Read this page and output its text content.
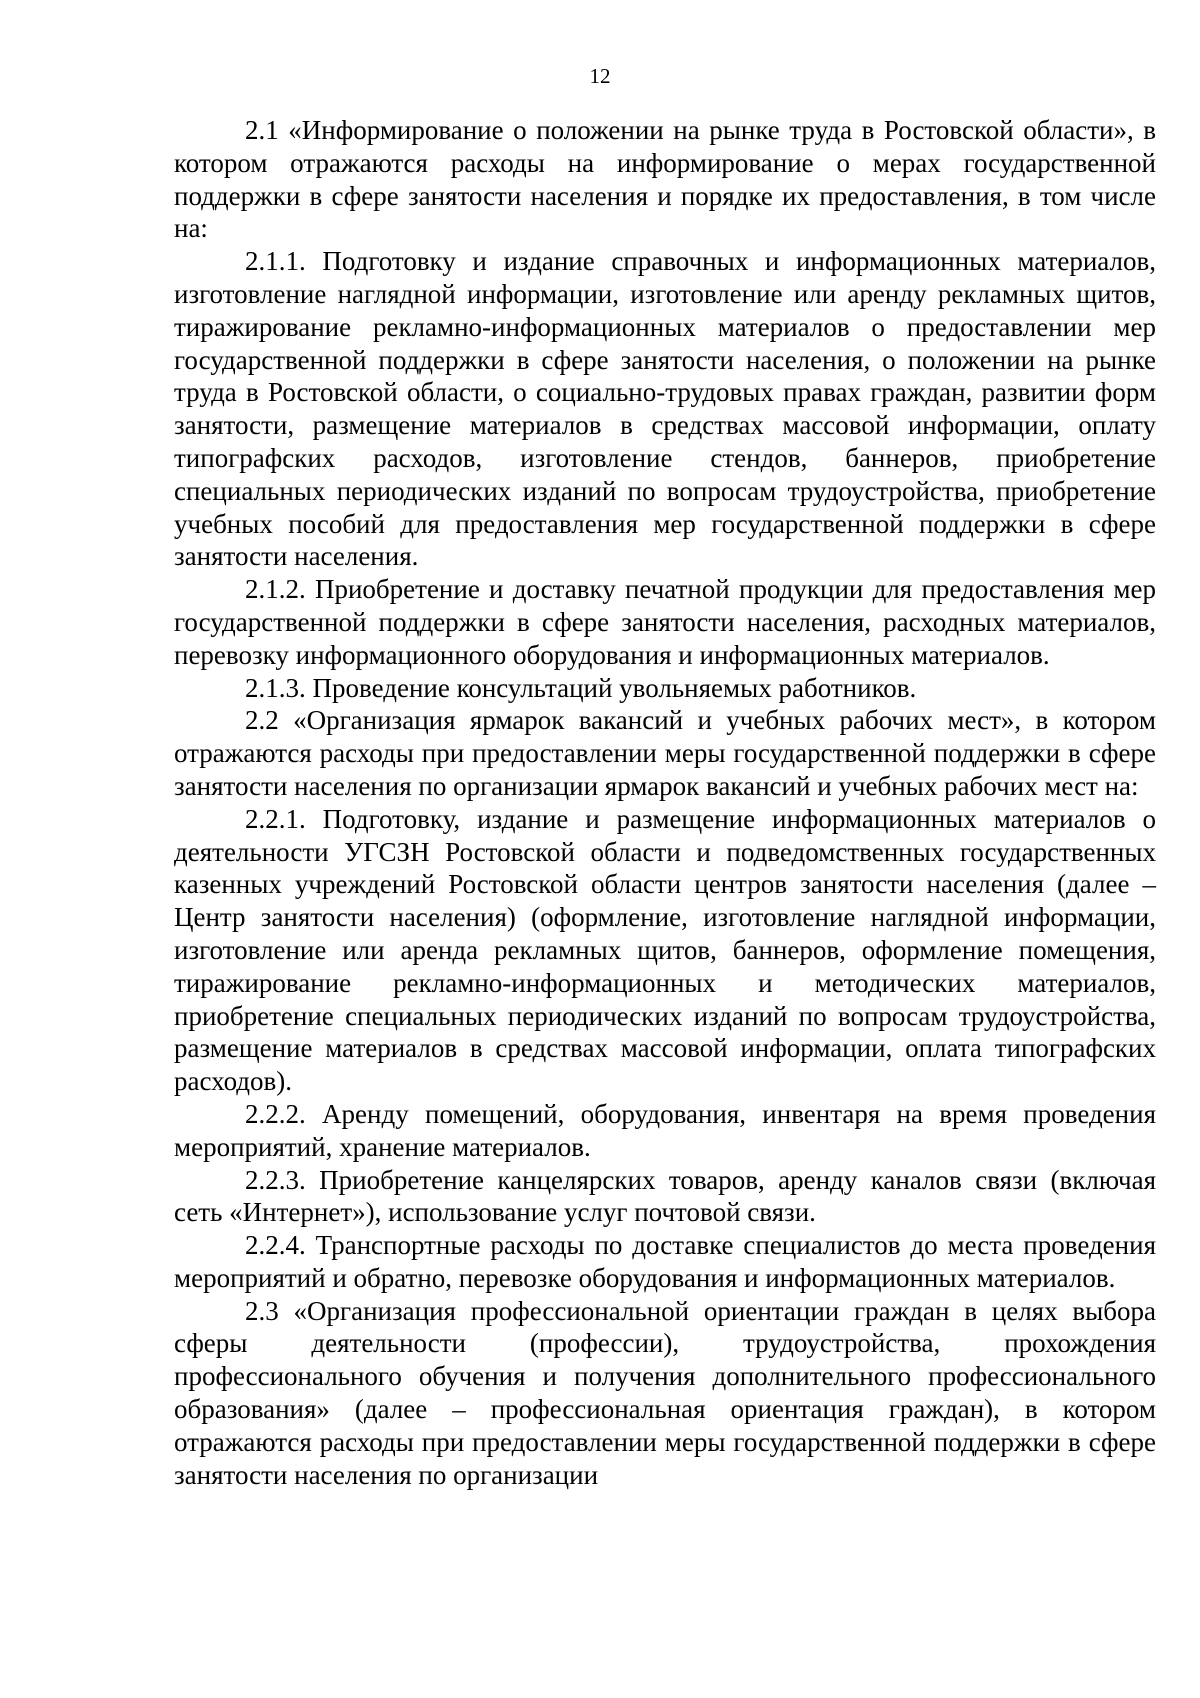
12

2.1 «Информирование о положении на рынке труда в Ростовской области», в котором отражаются расходы на информирование о мерах государственной поддержки в сфере занятости населения и порядке их предоставления, в том числе на:

2.1.1. Подготовку и издание справочных и информационных материалов, изготовление наглядной информации, изготовление или аренду рекламных щитов, тиражирование рекламно-информационных материалов о предоставлении мер государственной поддержки в сфере занятости населения, о положении на рынке труда в Ростовской области, о социально-трудовых правах граждан, развитии форм занятости, размещение материалов в средствах массовой информации, оплату типографских расходов, изготовление стендов, баннеров, приобретение специальных периодических изданий по вопросам трудоустройства, приобретение учебных пособий для предоставления мер государственной поддержки в сфере занятости населения.

2.1.2. Приобретение и доставку печатной продукции для предоставления мер государственной поддержки в сфере занятости населения, расходных материалов, перевозку информационного оборудования и информационных материалов.

2.1.3. Проведение консультаций увольняемых работников.

2.2 «Организация ярмарок вакансий и учебных рабочих мест», в котором отражаются расходы при предоставлении меры государственной поддержки в сфере занятости населения по организации ярмарок вакансий и учебных рабочих мест на:

2.2.1. Подготовку, издание и размещение информационных материалов о деятельности УГСЗН Ростовской области и подведомственных государственных казенных учреждений Ростовской области центров занятости населения (далее – Центр занятости населения) (оформление, изготовление наглядной информации, изготовление или аренда рекламных щитов, баннеров, оформление помещения, тиражирование рекламно-информационных и методических материалов, приобретение специальных периодических изданий по вопросам трудоустройства, размещение материалов в средствах массовой информации, оплата типографских расходов).

2.2.2. Аренду помещений, оборудования, инвентаря на время проведения мероприятий, хранение материалов.

2.2.3. Приобретение канцелярских товаров, аренду каналов связи (включая сеть «Интернет»), использование услуг почтовой связи.

2.2.4. Транспортные расходы по доставке специалистов до места проведения мероприятий и обратно, перевозке оборудования и информационных материалов.

2.3 «Организация профессиональной ориентации граждан в целях выбора сферы деятельности (профессии), трудоустройства, прохождения профессионального обучения и получения дополнительного профессионального образования» (далее – профессиональная ориентация граждан), в котором отражаются расходы при предоставлении меры государственной поддержки в сфере занятости населения по организации
